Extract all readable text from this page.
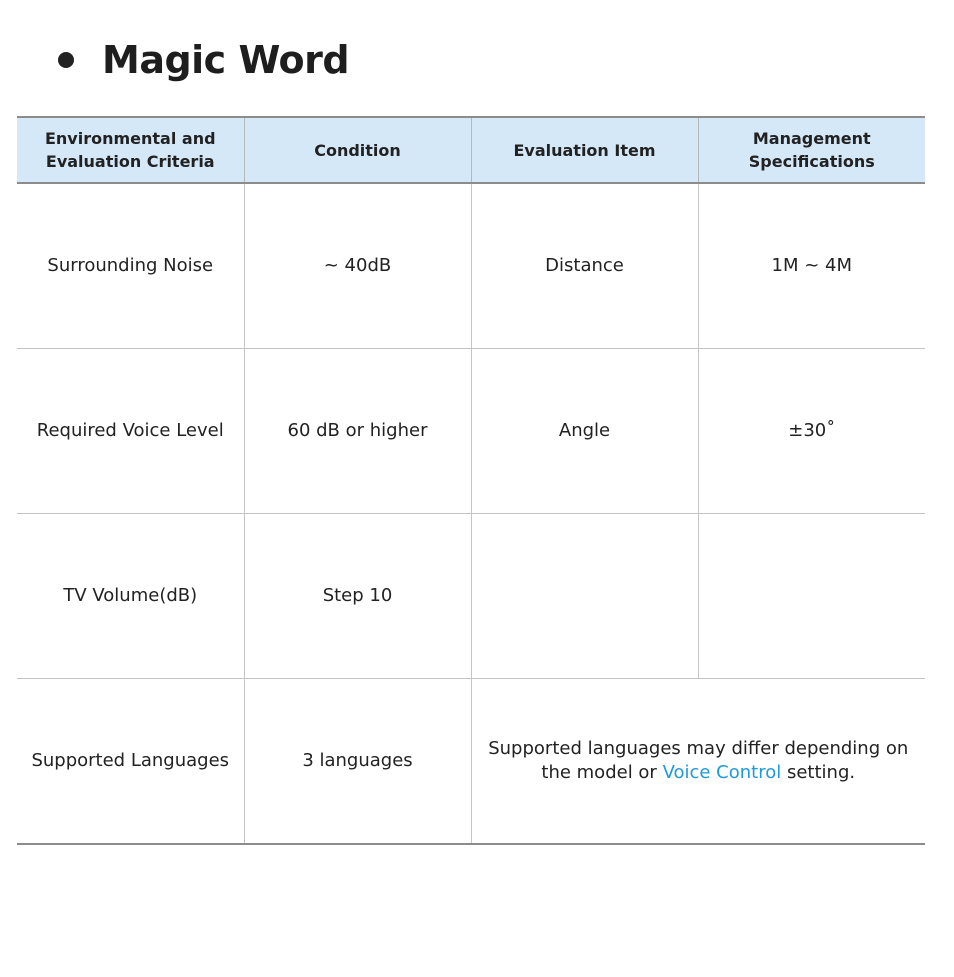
Magic Word
Environmental and Evaluation Criteria	Condition	Evaluation Item	Management Specifications
Surrounding Noise	~ 40dB	Distance	1M ~ 4M
Required Voice Level	60 dB or higher	Angle	±30˚
TV Volume(dB)	Step 10		
Supported Languages	3 languages	Supported languages may differ depending on the model or Voice Control setting.	
